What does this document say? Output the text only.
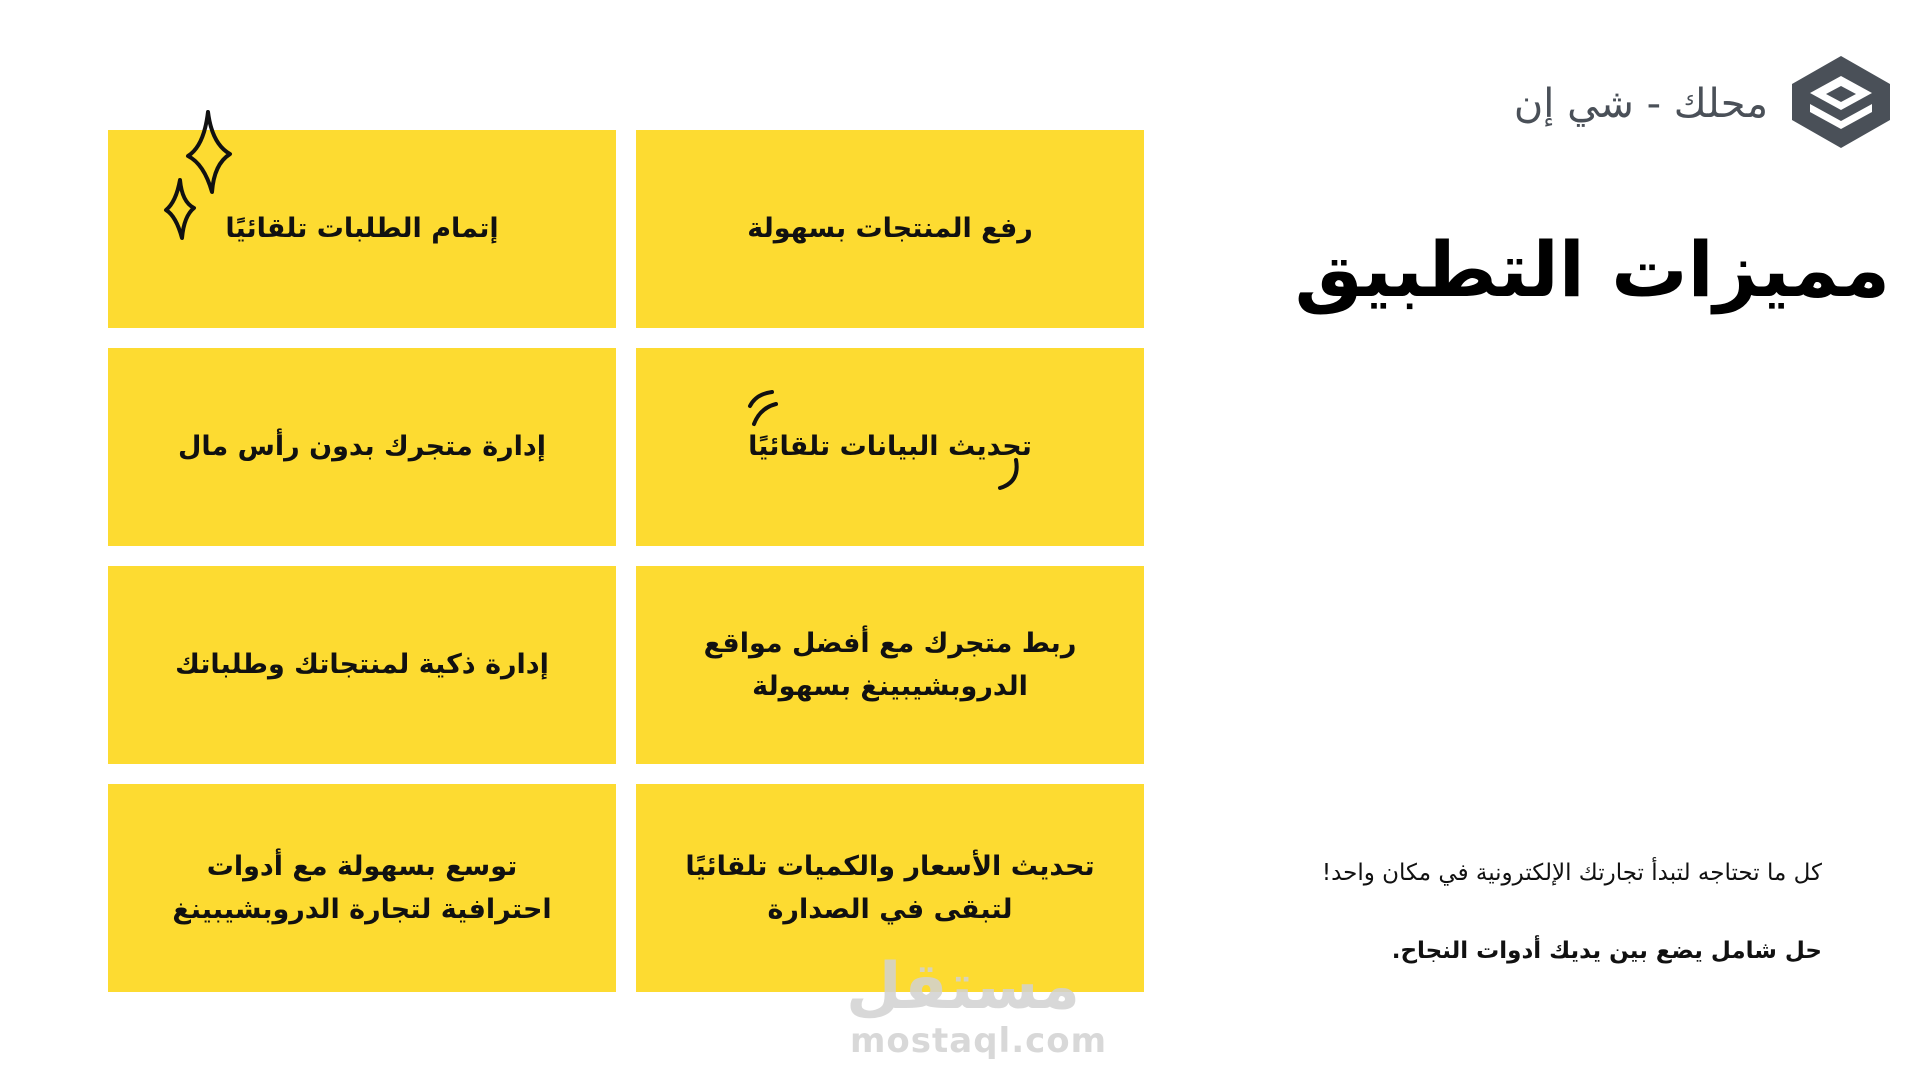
محلك - شي إن
مميزات التطبيق
كل ما تحتاجه لتبدأ تجارتك الإلكترونية في مكان واحد!
حل شامل يضع بين يديك أدوات النجاح.
إتمام الطلبات تلقائيًا	رفع المنتجات بسهولة
إدارة متجرك بدون رأس مال	تحديث البيانات تلقائيًا
إدارة ذكية لمنتجاتك وطلباتك
ربط متجرك مع أفضل مواقع الدروبشيبينغ بسهولة
توسع بسهولة مع أدوات احترافية لتجارة الدروبشيبينغ
تحديث الأسعار والكميات تلقائيًا لتبقى في الصدارة
مستقل
mostaql.com
